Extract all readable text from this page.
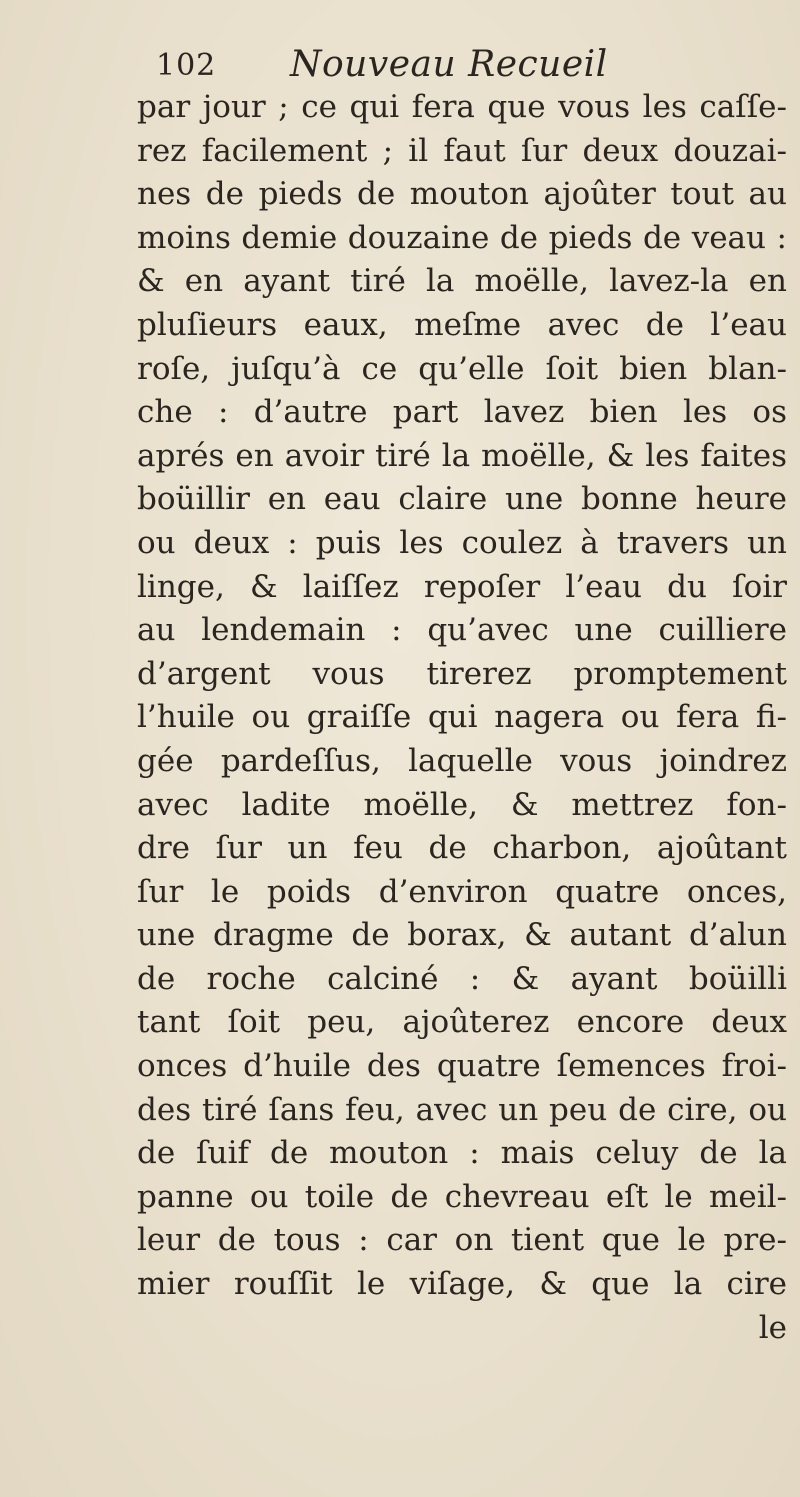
102 Nouveau Recueil
par jour ; ce qui fera que vous les caſſe-
rez facilement ; il faut ſur deux douzai-
nes de pieds de mouton ajoûter tout au
moins demie douzaine de pieds de veau :
& en ayant tiré la moëlle, lavez-la en
pluſieurs eaux, meſme avec de l’eau
roſe, juſqu’à ce qu’elle ſoit bien blan-
che : d’autre part lavez bien les os
aprés en avoir tiré la moëlle, & les faites
boüillir en eau claire une bonne heure
ou deux : puis les coulez à travers un
linge, & laiſſez repoſer l’eau du ſoir
au lendemain : qu’avec une cuilliere
d’argent vous tirerez promptement
l’huile ou graiſſe qui nagera ou fera fi-
gée pardeſſus, laquelle vous joindrez
avec ladite moëlle, & mettrez fon-
dre ſur un feu de charbon, ajoûtant
ſur le poids d’environ quatre onces,
une dragme de borax, & autant d’alun
de roche calciné : & ayant boüilli
tant ſoit peu, ajoûterez encore deux
onces d’huile des quatre ſemences froi-
des tiré ſans feu, avec un peu de cire, ou
de ſuif de mouton : mais celuy de la
panne ou toile de chevreau eſt le meil-
leur de tous : car on tient que le pre-
mier rouſſit le viſage, & que la cire
le
